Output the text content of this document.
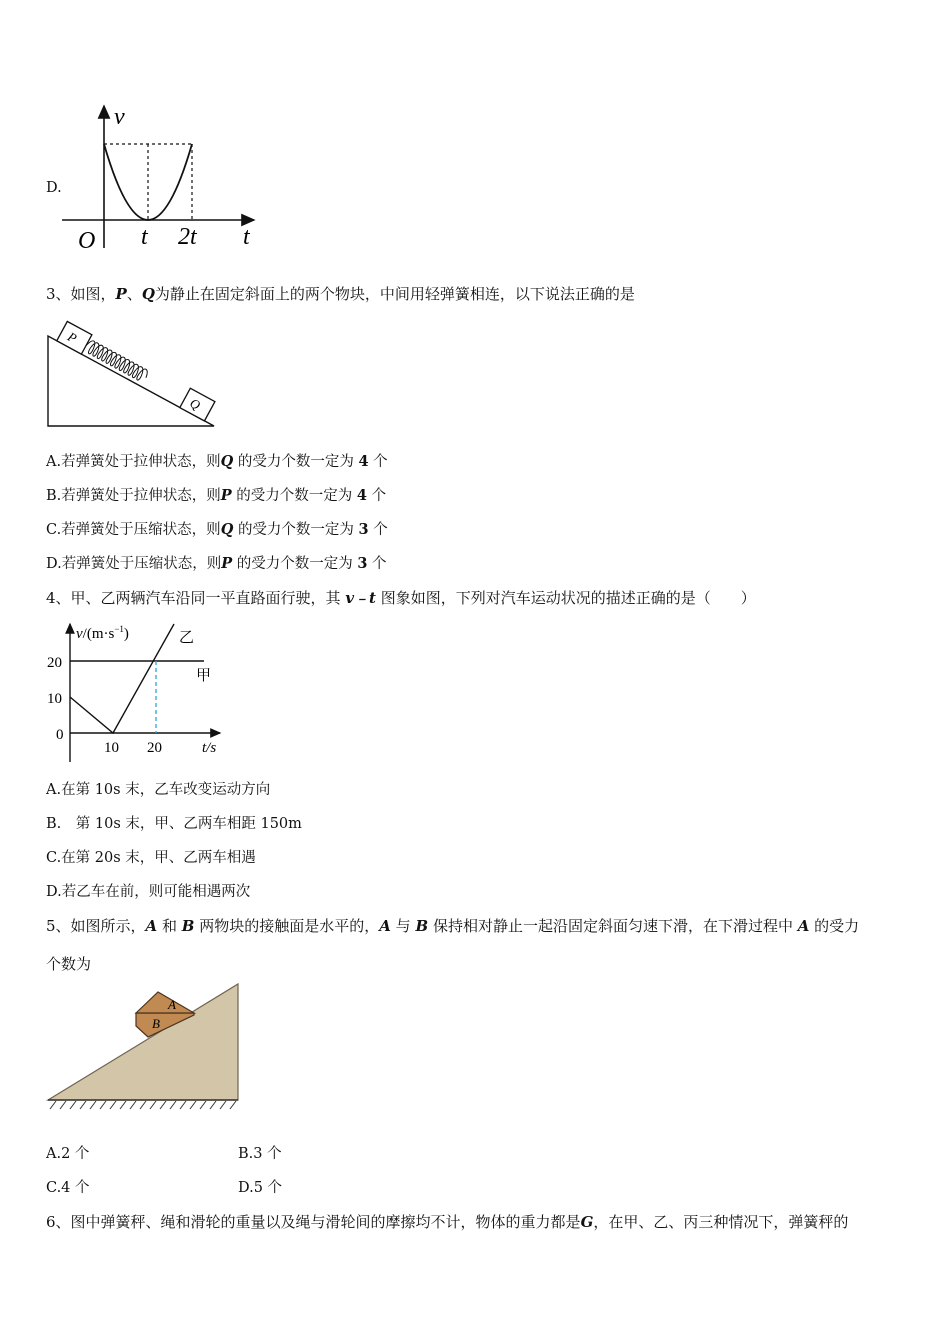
D.
v
O t 2t t
3、如图，P、Q为静止在固定斜面上的两个物块，中间用轻弹簧相连，以下说法正确的是
P
Q
A.若弹簧处于拉伸状态，则Q 的受力个数一定为 4 个
B.若弹簧处于拉伸状态，则P 的受力个数一定为 4 个
C.若弹簧处于压缩状态，则Q 的受力个数一定为 3 个
D.若弹簧处于压缩状态，则P 的受力个数一定为 3 个
4、甲、乙两辆汽车沿同一平直路面行驶，其 v﹣t 图象如图，下列对汽车运动状况的描述正确的是（　　）
$v/(m\cdot s^{-1})$	乙
甲
20
10
0
10 20	t/s
A.在第 10s 末，乙车改变运动方向
B.　第 10s 末，甲、乙两车相距 150m
C.在第 20s 末，甲、乙两车相遇
D.若乙车在前，则可能相遇两次
5、如图所示，A 和 B 两物块的接触面是水平的，A 与 B 保持相对静止一起沿固定斜面匀速下滑，在下滑过程中 A 的受力
个数为
A
B
A.2 个	B.3 个
C.4 个	D.5 个
6、图中弹簧秤、绳和滑轮的重量以及绳与滑轮间的摩擦均不计，物体的重力都是G，在甲、乙、丙三种情况下，弹簧秤的
